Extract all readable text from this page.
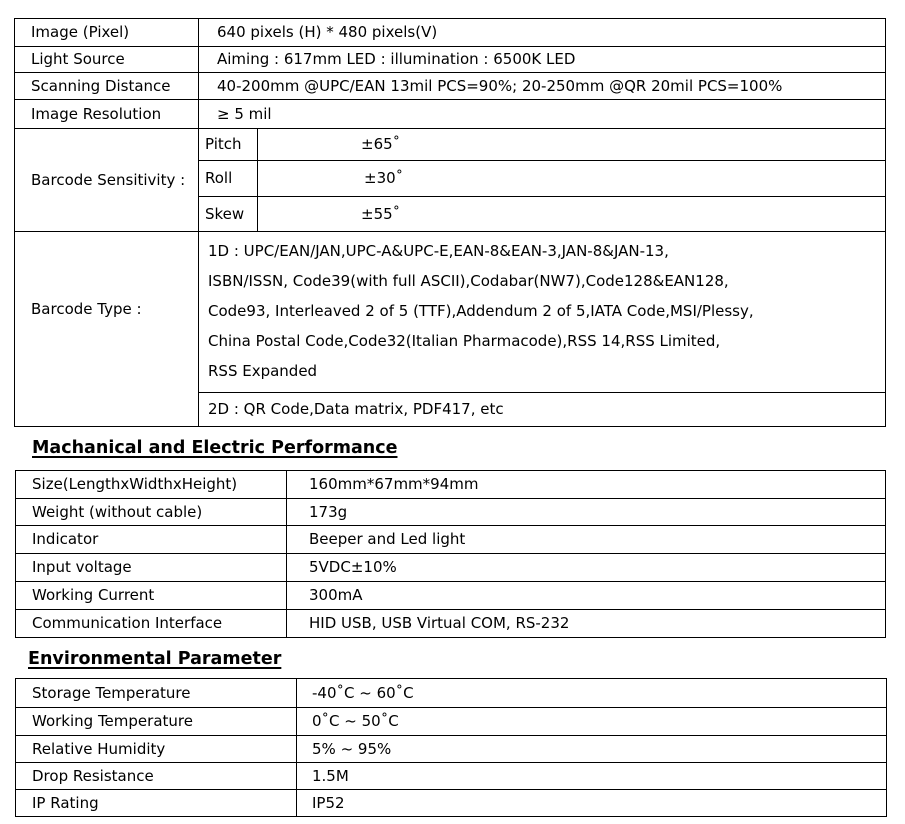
Image (Pixel)	640 pixels (H) * 480 pixels(V)	
Light Source	Aiming : 617mm LED : illumination : 6500K LED	
Scanning Distance	40-200mm @UPC/EAN 13mil PCS=90%; 20-250mm @QR 20mil PCS=100%	
Image Resolution	≥ 5 mil	
Barcode Sensitivity :	Pitch	±65˚
	Roll	±30˚
	Skew	±55˚
Barcode Type :	1D : UPC/EAN/JAN,UPC-A&UPC-E,EAN-8&EAN-3,JAN-8&JAN-13,
ISBN/ISSN, Code39(with full ASCII),Codabar(NW7),Code128&EAN128,
Code93, Interleaved 2 of 5 (TTF),Addendum 2 of 5,IATA Code,MSI/Plessy,
China Postal Code,Code32(Italian Pharmacode),RSS 14,RSS Limited,
RSS Expanded	

	2D : QR Code,Data matrix, PDF417, etc	
Machanical and Electric Performance
Size(LengthxWidthxHeight)	160mm*67mm*94mm
Weight (without cable)	173g
Indicator	Beeper and Led light
Input voltage	5VDC±10%
Working Current	300mA
Communication Interface	HID USB, USB Virtual COM, RS-232
Environmental Parameter
Storage Temperature	-40˚C ~ 60˚C
Working Temperature	0˚C ~ 50˚C
Relative Humidity	5% ~ 95%
Drop Resistance	1.5M
IP Rating	IP52
